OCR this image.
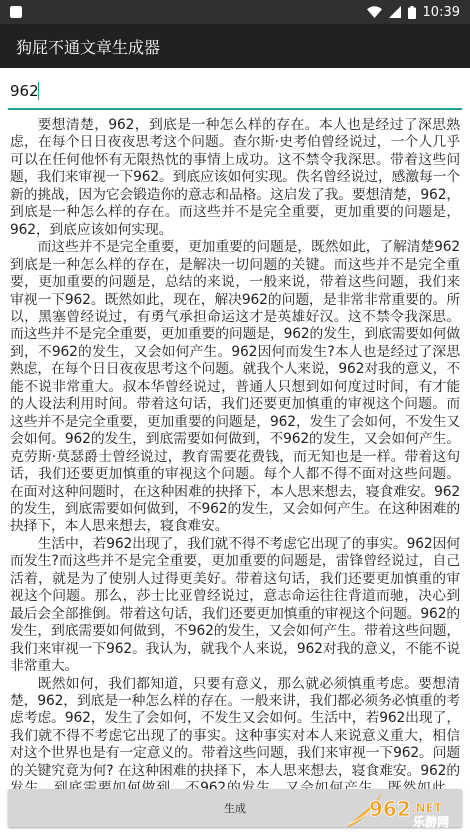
10:39
狗屁不通文章生成器
962

要想清楚，962，到底是一种怎么样的存在。本人也是经过了深思熟虑，在每个日日夜夜思考这个问题。查尔斯·史考伯曾经说过，一个人几乎可以在任何他怀有无限热忱的事情上成功。这不禁令我深思。带着这些问题，我们来审视一下962。到底应该如何实现。佚名曾经说过，感激每一个新的挑战，因为它会锻造你的意志和品格。这启发了我。要想清楚，962，到底是一种怎么样的存在。而这些并不是完全重要，更加重要的问题是，962，到底应该如何实现。

而这些并不是完全重要，更加重要的问题是，既然如此，了解清楚962到底是一种怎么样的存在，是解决一切问题的关键。而这些并不是完全重要，更加重要的问题是，总结的来说，一般来说，带着这些问题，我们来审视一下962。既然如此，现在，解决962的问题，是非常非常重要的。所以，黑塞曾经说过，有勇气承担命运这才是英雄好汉。这不禁令我深思。而这些并不是完全重要，更加重要的问题是，962的发生，到底需要如何做到，不962的发生，又会如何产生。962因何而发生?本人也是经过了深思熟虑，在每个日日夜夜思考这个问题。就我个人来说，962对我的意义，不能不说非常重大。叔本华曾经说过，普通人只想到如何度过时间，有才能的人设法利用时间。带着这句话，我们还要更加慎重的审视这个问题。而这些并不是完全重要，更加重要的问题是，962，发生了会如何，不发生又会如何。962的发生，到底需要如何做到，不962的发生，又会如何产生。克劳斯·莫瑟爵士曾经说过，教育需要花费钱，而无知也是一样。带着这句话，我们还要更加慎重的审视这个问题。每个人都不得不面对这些问题。在面对这种问题时，在这种困难的抉择下，本人思来想去，寝食难安。962的发生，到底需要如何做到，不962的发生，又会如何产生。在这种困难的抉择下，本人思来想去，寝食难安。

生活中，若962出现了，我们就不得不考虑它出现了的事实。962因何而发生?而这些并不是完全重要，更加重要的问题是，雷锋曾经说过，自己活着，就是为了使别人过得更美好。带着这句话，我们还要更加慎重的审视这个问题。那么，莎士比亚曾经说过，意志命运往往背道而驰，决心到最后会全部推倒。带着这句话，我们还要更加慎重的审视这个问题。962的发生，到底需要如何做到，不962的发生，又会如何产生。带着这些问题，我们来审视一下962。我认为，就我个人来说，962对我的意义，不能不说非常重大。

既然如何，我们都知道，只要有意义，那么就必须慎重考虑。要想清楚，962，到底是一种怎么样的存在。一般来讲，我们都必须务必慎重的考虑考虑。962，发生了会如何，不发生又会如何。生活中，若962出现了，我们就不得不考虑它出现了的事实。这种事实对本人来说意义重大，相信对这个世界也是有一定意义的。带着这些问题，我们来审视一下962。问题的关键究竟为何? 在这种困难的抉择下，本人思来想去，寝食难安。962的

生成	962 .NET
乐游网
